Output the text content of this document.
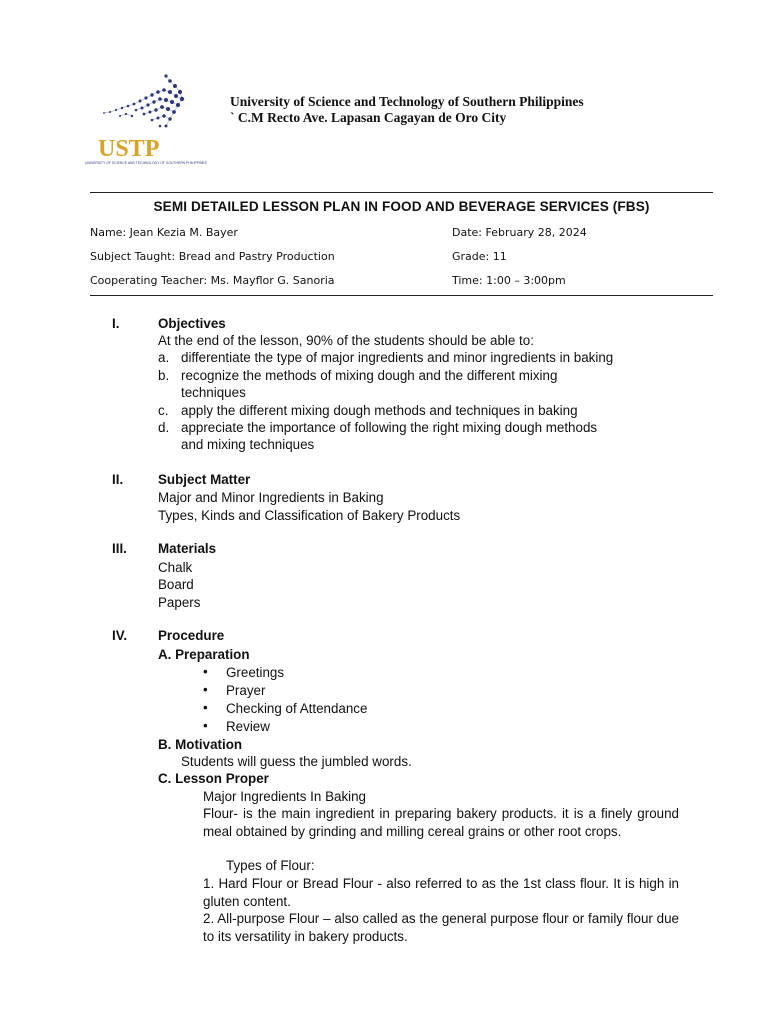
USTP
UNIVERSITY OF SCIENCE AND TECHNOLOGY OF SOUTHERN PHILIPPINES
University of Science and Technology of Southern Philippines
` C.M Recto Ave. Lapasan Cagayan de Oro City
SEMI DETAILED LESSON PLAN IN FOOD AND BEVERAGE SERVICES (FBS)
Name: Jean Kezia M. Bayer	Date: February 28, 2024
Subject Taught: Bread and Pastry Production	Grade: 11
Cooperating Teacher: Ms. Mayflor G. Sanoria	Time: 1:00 – 3:00pm
I.	Objectives
At the end of the lesson, 90% of the students should be able to:
a. differentiate the type of major ingredients and minor ingredients in baking
b. recognize the methods of mixing dough and the different mixing
techniques
c. apply the different mixing dough methods and techniques in baking
d. appreciate the importance of following the right mixing dough methods
and mixing techniques
II.	Subject Matter
Major and Minor Ingredients in Baking
Types, Kinds and Classification of Bakery Products
III. Materials
Chalk
Board
Papers
IV. Procedure
A. Preparation
• Greetings
• Prayer
• Checking of Attendance
• Review
B. Motivation
Students will guess the jumbled words.
C. Lesson Proper
Major Ingredients In Baking
Flour- is the main ingredient in preparing bakery products. it is a finely ground meal obtained by grinding and milling cereal grains or other root crops.
Types of Flour:
1. Hard Flour or Bread Flour - also referred to as the 1st class flour. It is high in gluten content.
2. All-purpose Flour – also called as the general purpose flour or family flour due to its versatility in bakery products.
